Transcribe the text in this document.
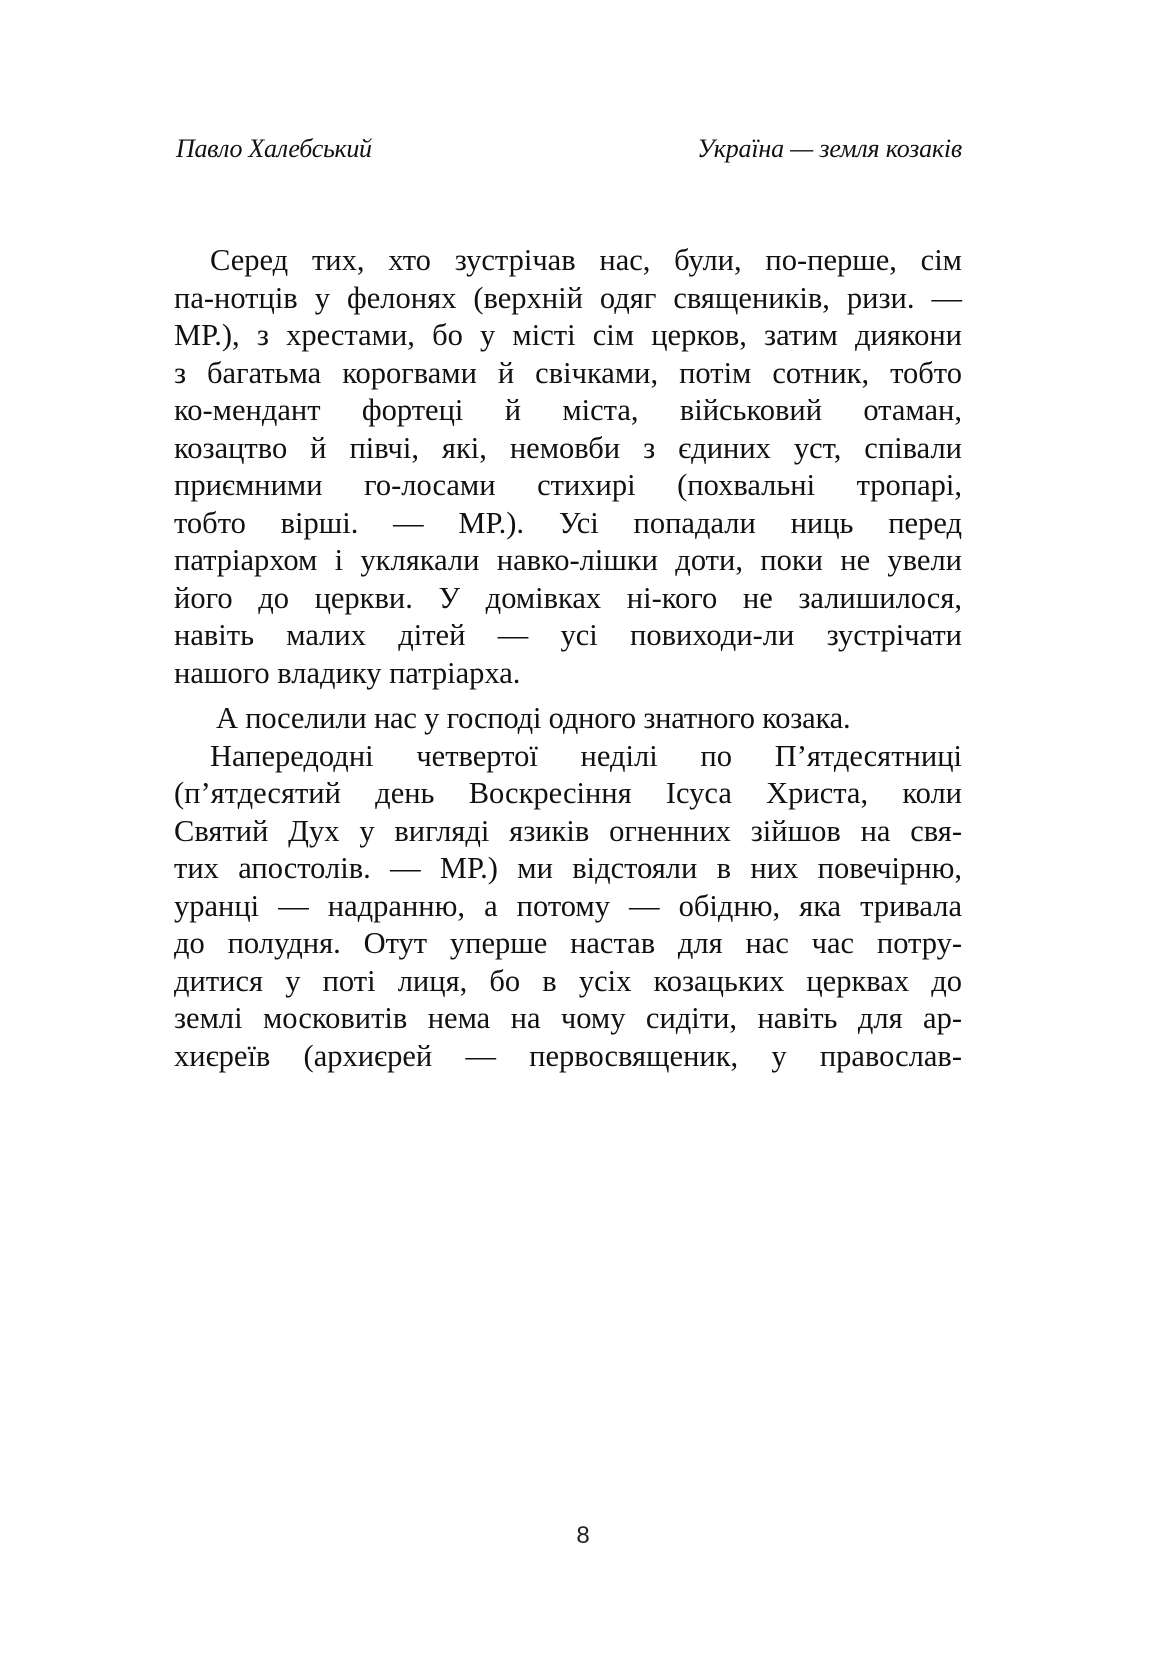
Павло Халебський	Україна — земля козаків
Серед тих, хто зустрічав нас, були, по-перше, сім
па-нотців у фелонях (верхній одяг священиків, ризи. —
МР.), з хрестами, бо у місті сім церков, затим диякони
з багатьма корогвами й свічками, потім сотник, тобто
ко-мендант фортеці й міста, військовий отаман,
козацтво й півчі, які, немовби з єдиних уст, співали
приємними го-лосами стихирі (похвальні тропарі,
тобто вірші. — МР.). Усі попадали ниць перед
патріархом і уклякали навко-лішки доти, поки не увели
його до церкви. У домівках ні-кого не залишилося,
навіть малих дітей — усі повиходи-ли зустрічати
нашого владику патріарха.
А поселили нас у господі одного знатного козака.
Напередодні четвертої неділі по П’ятдесятниці
(п’ятдесятий день Воскресіння Ісуса Христа, коли
Святий Дух у вигляді язиків огненних зійшов на свя-
тих апостолів. — МР.) ми відстояли в них повечірню,
уранці — надранню, а потому — обідню, яка тривала
до полудня. Отут уперше настав для нас час потру-
дитися у поті лиця, бо в усіх козацьких церквах до
землі московитів нема на чому сидіти, навіть для ар-
хиєреїв (архиєрей — первосвященик, у православ-
8
